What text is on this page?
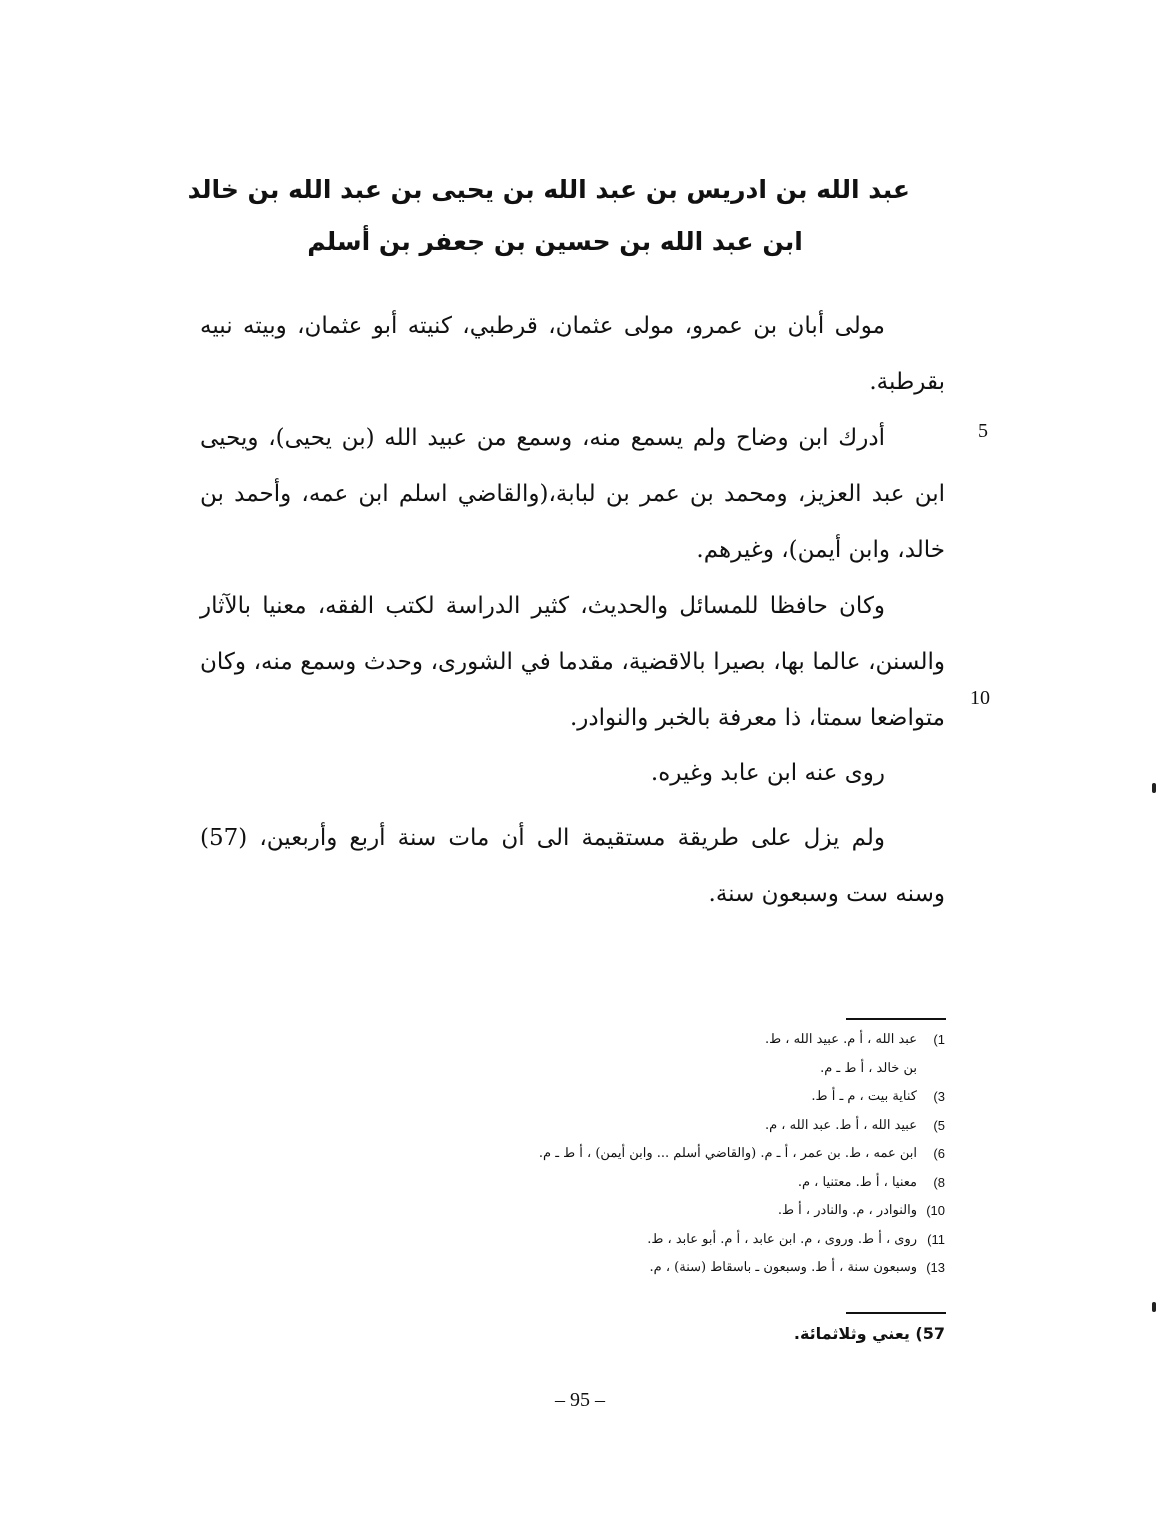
عبد الله بن ادريس بن عبد الله بن يحيى بن عبد الله بن خالد
ابن عبد الله بن حسين بن جعفر بن أسلم

مولى أبان بن عمرو، مولى عثمان، قرطبي، كنيته أبو عثمان، وبيته نبيه بقرطبة.

5

أدرك ابن وضاح ولم يسمع منه، وسمع من عبيد الله (بن يحيى)، ويحيى ابن عبد العزيز، ومحمد بن عمر بن لبابة،(والقاضي اسلم ابن عمه، وأحمد بن خالد، وابن أيمن)، وغيرهم.

وكان حافظا للمسائل والحديث، كثير الدراسة لكتب الفقه، معنيا بالآثار والسنن، عالما بها، بصيرا بالاقضية، مقدما في الشورى، وحدث وسمع منه، وكان متواضعا سمتا، ذا معرفة بالخبر والنوادر.

10

روى عنه ابن عابد وغيره.

ولم يزل على طريقة مستقيمة الى أن مات سنة أربع وأربعين، (57) وسنه ست وسبعون سنة.

1)
عبد الله ، أ م. عبيد الله ، ط.
بن خالد ، أ ط ـ م.
3)
كناية بيت ، م ـ أ ط.
5)
عبيد الله ، أ ط. عبد الله ، م.
6)
ابن عمه ، ط. بن عمر ، أ ـ م. (والقاضي أسلم ... وابن أيمن) ، أ ط ـ م.
8)
معنيا ، أ ط. معتنيا ، م.
10)
والنوادر ، م. والنادر ، أ ط.
11)
روى ، أ ط. وروى ، م. ابن عابد ، أ م. أبو عابد ، ط.
13)
وسبعون سنة ، أ ط. وسبعون ـ باسقاط (سنة) ، م.
57) يعني وثلاثمائة.
– 95 –
